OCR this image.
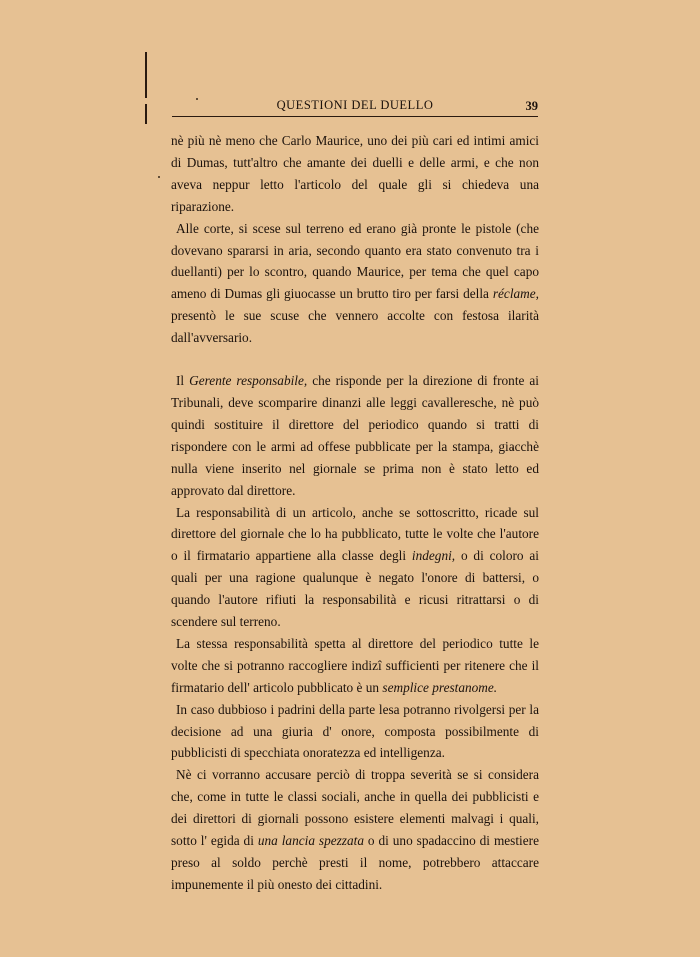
QUESTIONI DEL DUELLO	39

nè più nè meno che Carlo Maurice, uno dei più cari ed intimi amici di Dumas, tutt'altro che amante dei duelli e delle armi, e che non aveva neppur letto l'articolo del quale gli si chiedeva una riparazione.

Alle corte, si scese sul terreno ed erano già pronte le pistole (che dovevano spararsi in aria, secondo quanto era stato convenuto tra i duellanti) per lo scontro, quando Maurice, per tema che quel capo ameno di Dumas gli giuocasse un brutto tiro per farsi della réclame, presentò le sue scuse che vennero accolte con festosa ilarità dall'avversario.

Il Gerente responsabile, che risponde per la direzione di fronte ai Tribunali, deve scomparire dinanzi alle leggi cavalleresche, nè può quindi sostituire il direttore del periodico quando si tratti di rispondere con le armi ad offese pubblicate per la stampa, giacchè nulla viene inserito nel giornale se prima non è stato letto ed approvato dal direttore.

La responsabilità di un articolo, anche se sottoscritto, ricade sul direttore del giornale che lo ha pubblicato, tutte le volte che l'autore o il firmatario appartiene alla classe degli indegni, o di coloro ai quali per una ragione qualunque è negato l'onore di battersi, o quando l'autore rifiuti la responsabilità e ricusi ritrattarsi o di scendere sul terreno.

La stessa responsabilità spetta al direttore del periodico tutte le volte che si potranno raccogliere indizî sufficienti per ritenere che il firmatario dell' articolo pubblicato è un semplice prestanome.

In caso dubbioso i padrini della parte lesa potranno rivolgersi per la decisione ad una giuria d' onore, composta possibilmente di pubblicisti di specchiata onoratezza ed intelligenza.

Nè ci vorranno accusare perciò di troppa severità se si considera che, come in tutte le classi sociali, anche in quella dei pubblicisti e dei direttori di giornali possono esistere elementi malvagi i quali, sotto l' egida di una lancia spezzata o di uno spadaccino di mestiere preso al soldo perchè presti il nome, potrebbero attaccare impunemente il più onesto dei cittadini.
